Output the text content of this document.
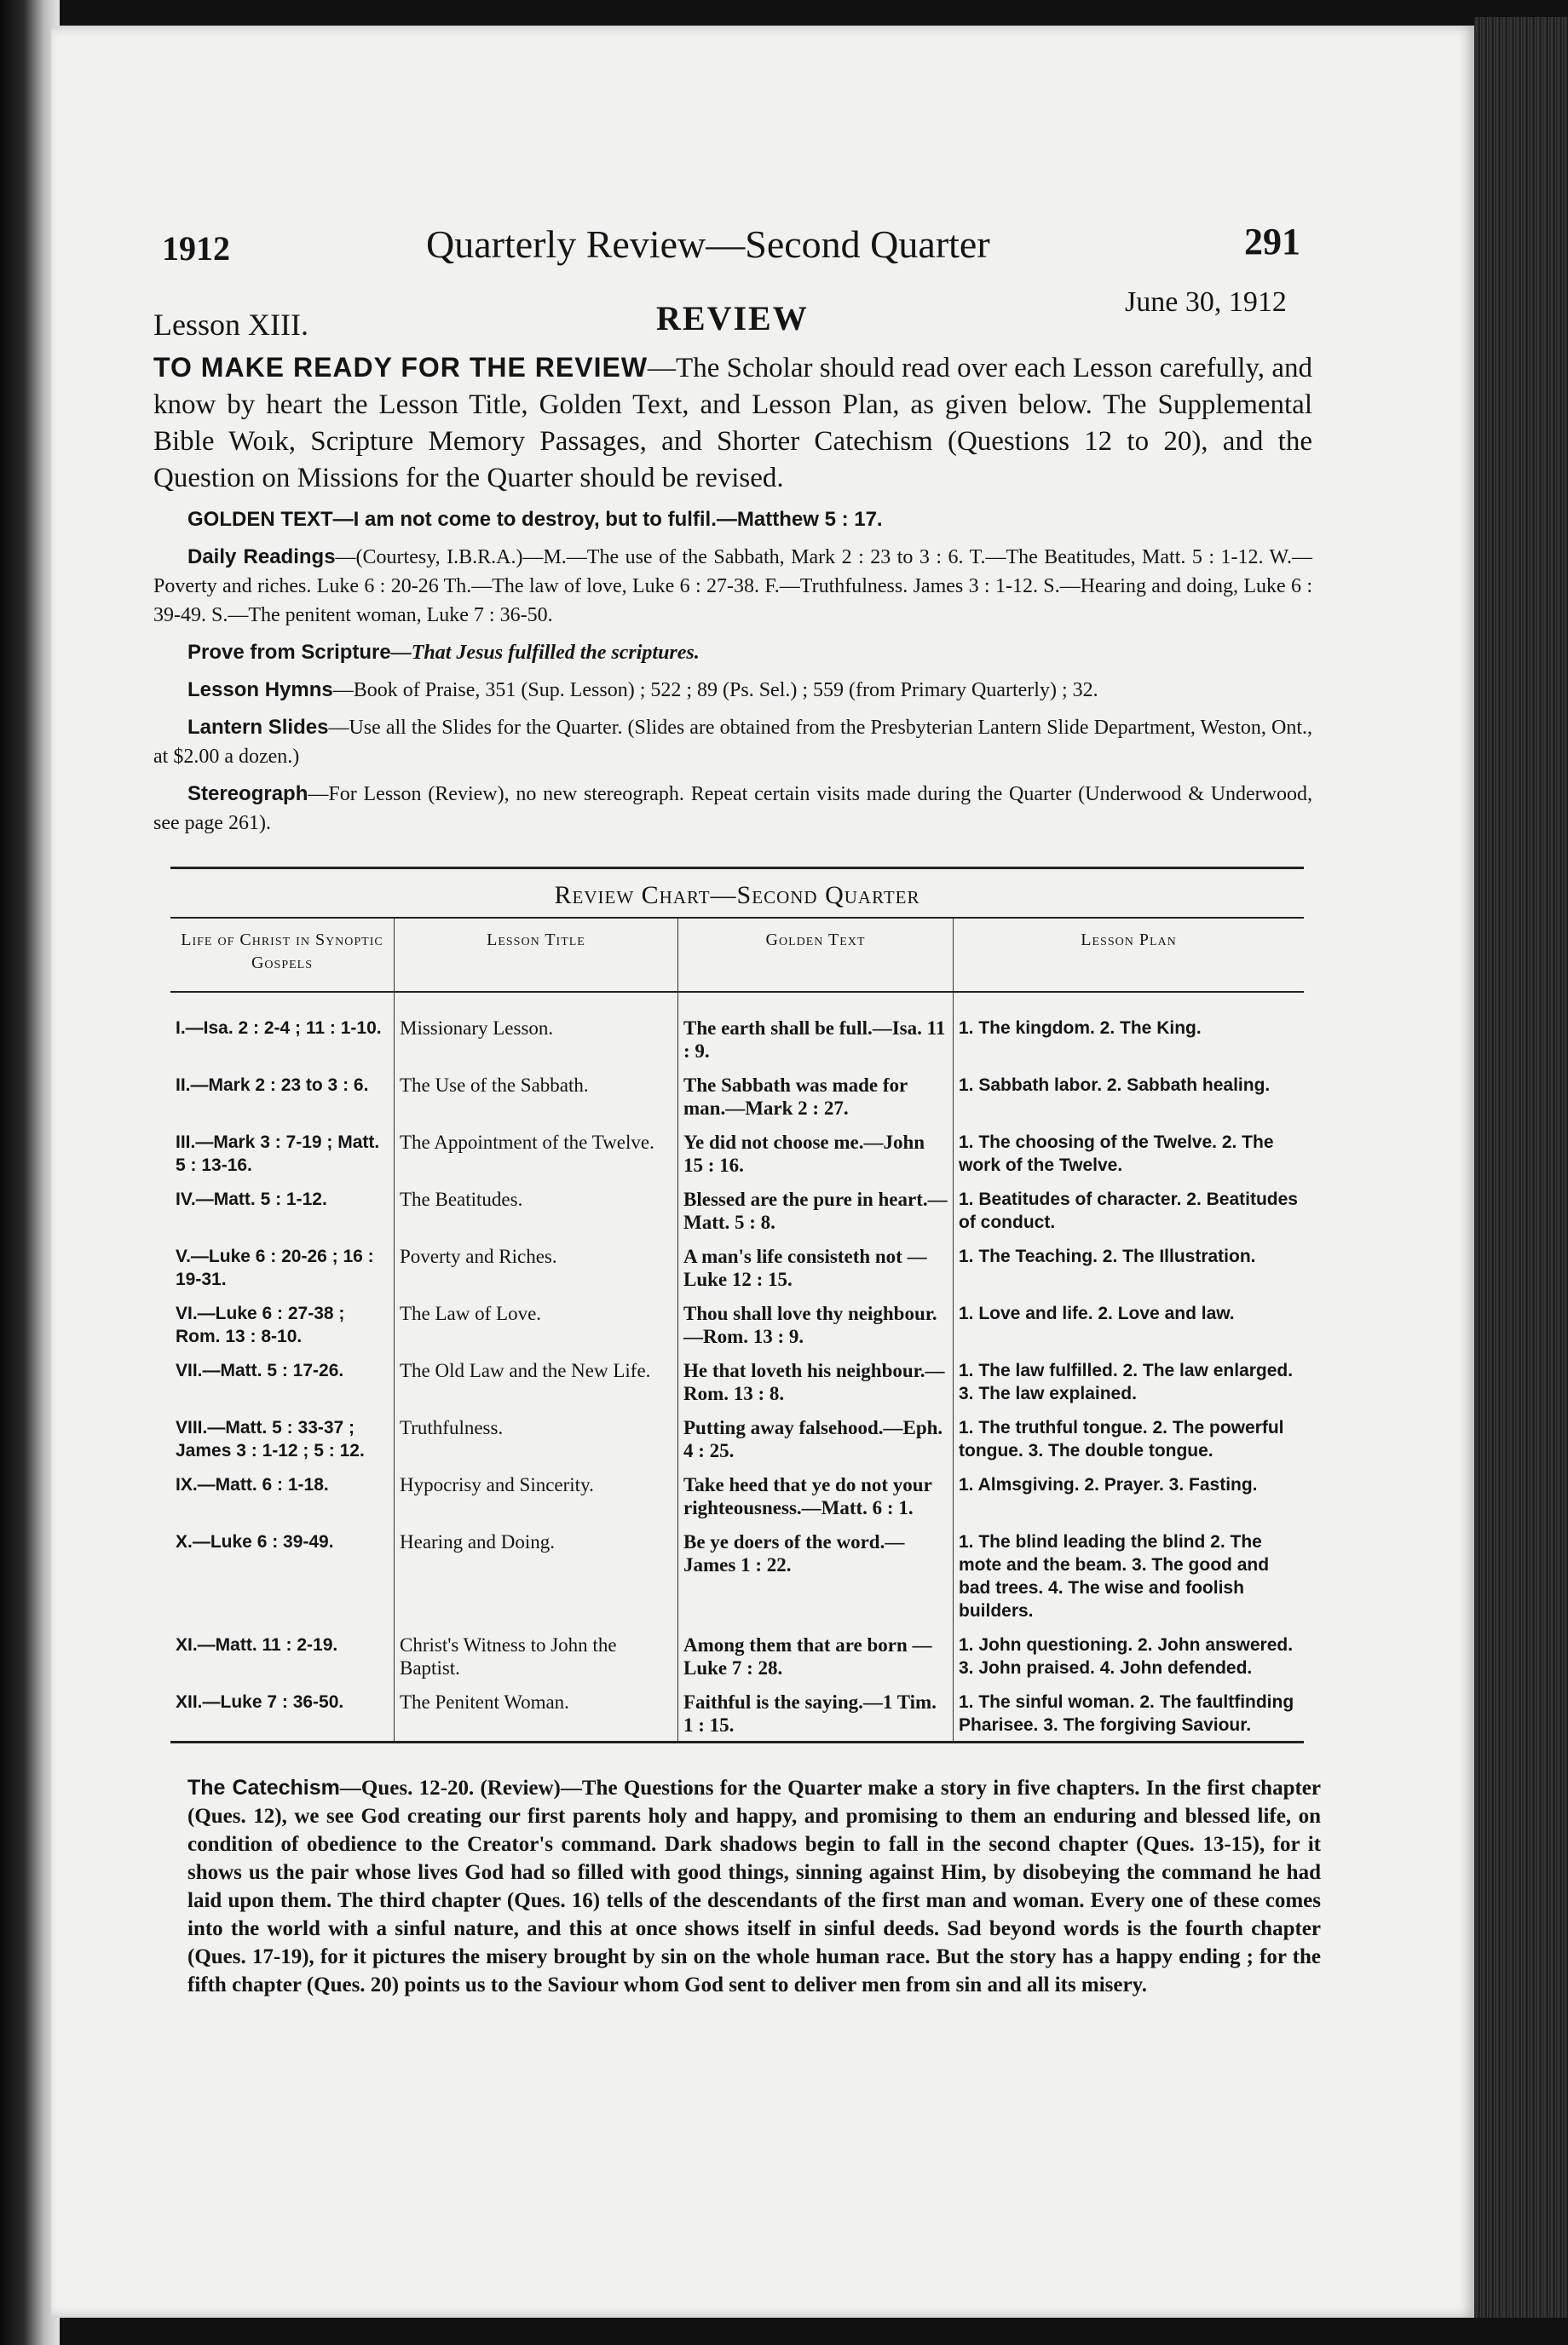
1912	Quarterly Review—Second Quarter	291
Lesson XIII.	REVIEW	June 30, 1912

TO MAKE READY FOR THE REVIEW—The Scholar should read over each Lesson carefully, and know by heart the Lesson Title, Golden Text, and Lesson Plan, as given below. The Supplemental Bible Woık, Scripture Memory Passages, and Shorter Catechism (Questions 12 to 20), and the Question on Missions for the Quarter should be revised.

GOLDEN TEXT—I am not come to destroy, but to fulfil.—Matthew 5 : 17.

Daily Readings—(Courtesy, I.B.R.A.)—M.—The use of the Sabbath, Mark 2 : 23 to 3 : 6. T.—The Beatitudes, Matt. 5 : 1-12. W.—Poverty and riches. Luke 6 : 20-26 Th.—The law of love, Luke 6 : 27-38. F.—Truthfulness. James 3 : 1-12. S.—Hearing and doing, Luke 6 : 39-49. S.—The penitent woman, Luke 7 : 36-50.

Prove from Scripture—That Jesus fulfilled the scriptures.

Lesson Hymns—Book of Praise, 351 (Sup. Lesson) ; 522 ; 89 (Ps. Sel.) ; 559 (from Primary Quarterly) ; 32.

Lantern Slides—Use all the Slides for the Quarter. (Slides are obtained from the Presbyterian Lantern Slide Department, Weston, Ont., at $2.00 a dozen.)

Stereograph—For Lesson (Review), no new stereograph. Repeat certain visits made during the Quarter (Underwood & Underwood, see page 261).

Review Chart—Second Quarter
Life of Christ in Synoptic Gospels	Lesson Title	Golden Text	Lesson Plan
I.—Isa. 2 : 2-4 ; 11 : 1-10.	Missionary Lesson.	The earth shall be full.—Isa. 11 : 9.	1. The kingdom. 2. The King.
II.—Mark 2 : 23 to 3 : 6.	The Use of the Sabbath.	The Sabbath was made for man.—Mark 2 : 27.	1. Sabbath labor. 2. Sabbath healing.
III.—Mark 3 : 7-19 ; Matt. 5 : 13-16.	The Appointment of the Twelve.	Ye did not choose me.—John 15 : 16.	1. The choosing of the Twelve. 2. The work of the Twelve.
IV.—Matt. 5 : 1-12.	The Beatitudes.	Blessed are the pure in heart.—Matt. 5 : 8.	1. Beatitudes of character. 2. Beatitudes of conduct.
V.—Luke 6 : 20-26 ; 16 : 19-31.	Poverty and Riches.	A man's life consisteth not —Luke 12 : 15.	1. The Teaching. 2. The Illustration.
VI.—Luke 6 : 27-38 ; Rom. 13 : 8-10.	The Law of Love.	Thou shall love thy neighbour.—Rom. 13 : 9.	1. Love and life. 2. Love and law.
VII.—Matt. 5 : 17-26.	The Old Law and the New Life.	He that loveth his neighbour.—Rom. 13 : 8.	1. The law fulfilled. 2. The law enlarged. 3. The law explained.
VIII.—Matt. 5 : 33-37 ; James 3 : 1-12 ; 5 : 12.	Truthfulness.	Putting away falsehood.—Eph. 4 : 25.	1. The truthful tongue. 2. The powerful tongue. 3. The double tongue.
IX.—Matt. 6 : 1-18.	Hypocrisy and Sincerity.	Take heed that ye do not your righteousness.—Matt. 6 : 1.	1. Almsgiving. 2. Prayer. 3. Fasting.
X.—Luke 6 : 39-49.	Hearing and Doing.	Be ye doers of the word.—James 1 : 22.	1. The blind leading the blind 2. The mote and the beam. 3. The good and bad trees. 4. The wise and foolish builders.
XI.—Matt. 11 : 2-19.	Christ's Witness to John the Baptist.	Among them that are born —Luke 7 : 28.	1. John questioning. 2. John answered. 3. John praised. 4. John defended.
XII.—Luke 7 : 36-50.	The Penitent Woman.	Faithful is the saying.—1 Tim. 1 : 15.	1. The sinful woman. 2. The faultfinding Pharisee. 3. The forgiving Saviour.

The Catechism—Ques. 12-20. (Review)—The Questions for the Quarter make a story in five chapters. In the first chapter (Ques. 12), we see God creating our first parents holy and happy, and promising to them an enduring and blessed life, on condition of obedience to the Creator's command. Dark shadows begin to fall in the second chapter (Ques. 13-15), for it shows us the pair whose lives God had so filled with good things, sinning against Him, by disobeying the command he had laid upon them. The third chapter (Ques. 16) tells of the descendants of the first man and woman. Every one of these comes into the world with a sinful nature, and this at once shows itself in sinful deeds. Sad beyond words is the fourth chapter (Ques. 17-19), for it pictures the misery brought by sin on the whole human race. But the story has a happy ending ; for the fifth chapter (Ques. 20) points us to the Saviour whom God sent to deliver men from sin and all its misery.
